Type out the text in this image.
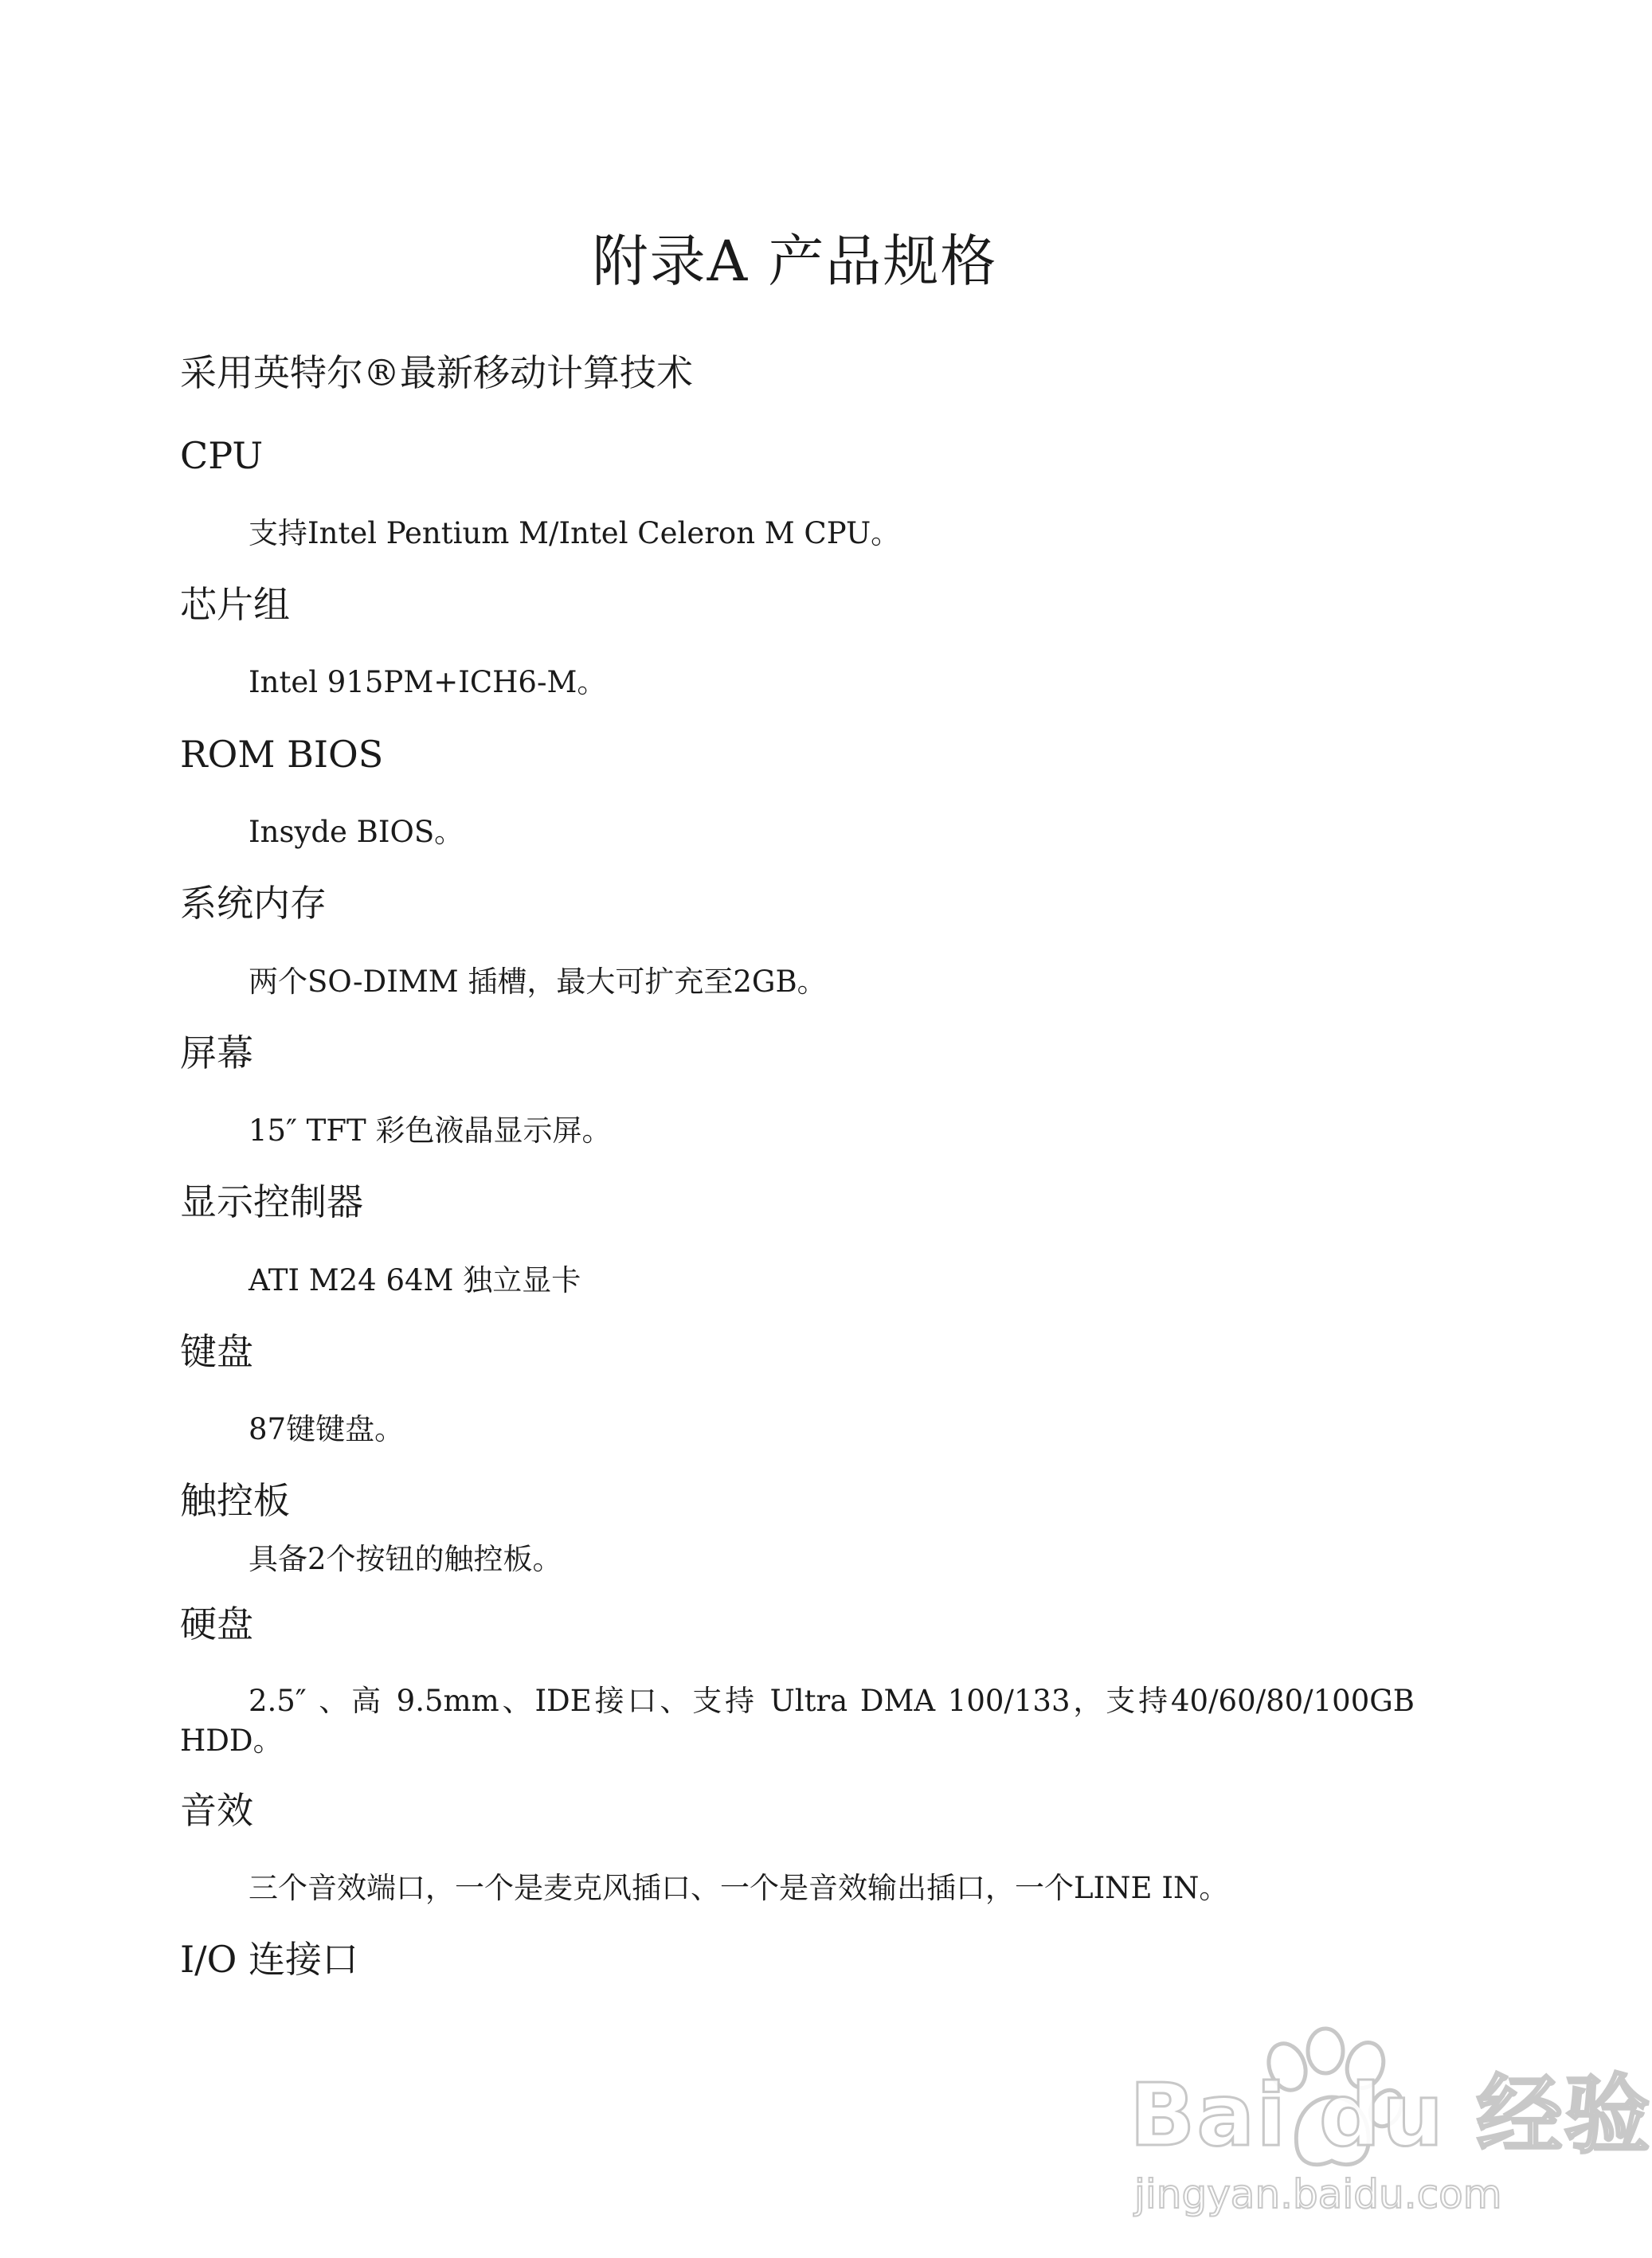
附录A 产品规格
采用英特尔®最新移动计算技术
CPU
支持Intel Pentium M/Intel Celeron M CPU。
芯片组
Intel 915PM+ICH6-M。
ROM BIOS
Insyde BIOS。
系统内存
两个SO-DIMM 插槽，最大可扩充至2GB。
屏幕
15″ TFT 彩色液晶显示屏。
显示控制器
ATI M24 64M 独立显卡
键盘
87键键盘。
触控板
具备2个按钮的触控板。
硬盘
2.5″ 、高 9.5mm、IDE接口、支持 Ultra DMA 100/133，支持40/60/80/100GB
HDD。
音效
三个音效端口，一个是麦克风插口、一个是音效输出插口，一个LINE IN。
I/O 连接口
Bai du 经验
jingyan.baidu.com
